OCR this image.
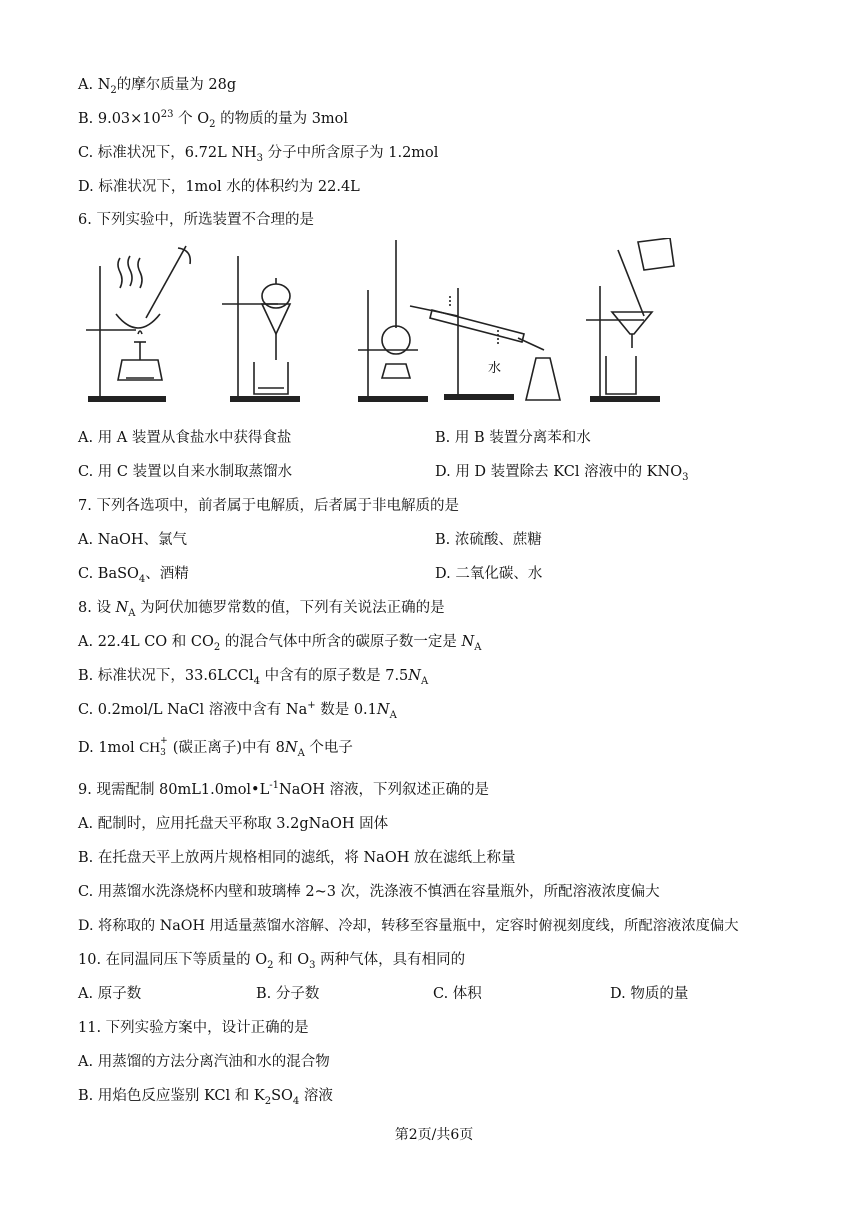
A. $N_2$的摩尔质量为 28g
B. $9.03\times 10^{23}$ 个 $O_2$ 的物质的量为 3mol
C. 标准状况下，6.72L $NH_3$ 分子中所含原子为 1.2mol
D. 标准状况下，1mol 水的体积约为 22.4L
6. 下列实验中，所选装置不合理的是
水
A. 用 A 装置从食盐水中获得食盐	B. 用 B 装置分离苯和水
C. 用 C 装置以自来水制取蒸馏水	D. 用 D 装置除去 KCl 溶液中的 $KNO_3$
7. 下列各选项中，前者属于电解质，后者属于非电解质的是
A. NaOH、氯气	B. 浓硫酸、蔗糖
C. BaSO$_4$、酒精	D. 二氧化碳、水
8. 设 $N_A$ 为阿伏加德罗常数的值，下列有关说法正确的是
A. 22.4L CO 和 $CO_2$ 的混合气体中所含的碳原子数一定是 $N_A$
B. 标准状况下，33.6LCCl$_4$ 中含有的原子数是 $7.5N_A$
C. 0.2mol/L NaCl 溶液中含有 Na+ 数是 $0.1N_A$
D. 1mol CH +
3 (碳正离子)中有 $8N_A$ 个电子
9. 现需配制 $80mL1.0mol•L^{-1}NaOH$ 溶液，下列叙述正确的是
A. 配制时，应用托盘天平称取 3.2gNaOH 固体
B. 在托盘天平上放两片规格相同的滤纸，将 NaOH 放在滤纸上称量
C. 用蒸馏水洗涤烧杯内壁和玻璃棒 2~3 次，洗涤液不慎洒在容量瓶外，所配溶液浓度偏大
D. 将称取的 NaOH 用适量蒸馏水溶解、冷却，转移至容量瓶中，定容时俯视刻度线，所配溶液浓度偏大
10. 在同温同压下等质量的 $O_2$ 和 $O_3$ 两种气体，具有相同的
A. 原子数	B. 分子数	C. 体积	D. 物质的量
11. 下列实验方案中，设计正确的是
A. 用蒸馏的方法分离汽油和水的混合物
B. 用焰色反应鉴别 KCl 和 $K_2SO_4$ 溶液
第2页/共6页
